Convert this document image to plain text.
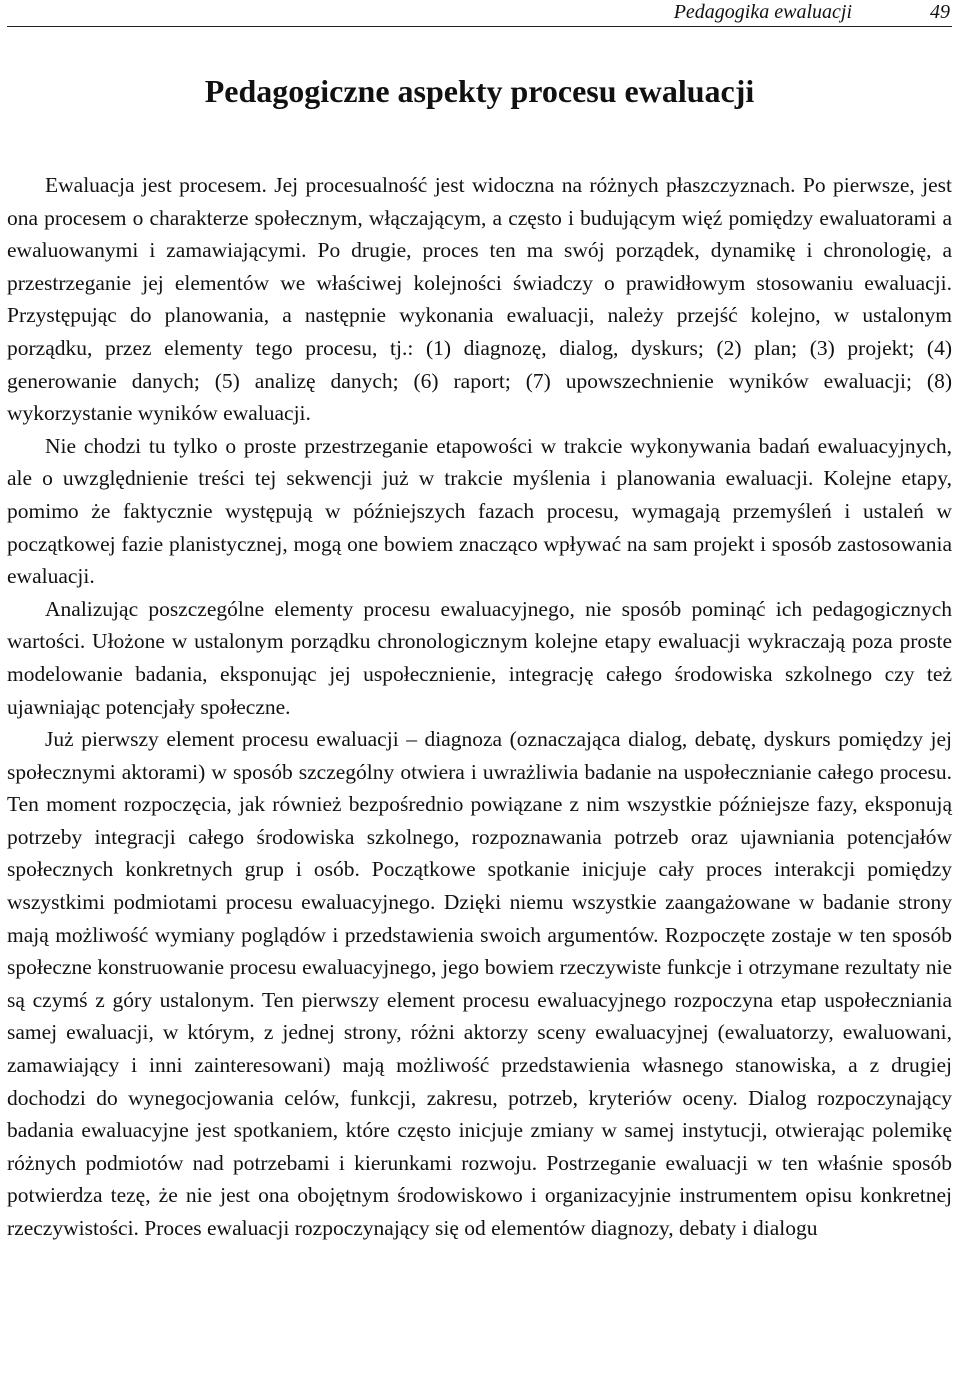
Pedagogika ewaluacji	49
Pedagogiczne aspekty procesu ewaluacji

Ewaluacja jest procesem. Jej procesualność jest widoczna na różnych płaszczyznach. Po pierwsze, jest ona procesem o charakterze społecznym, włączającym, a często i budującym więź pomiędzy ewaluatorami a ewaluowanymi i zamawiającymi. Po drugie, proces ten ma swój porządek, dynamikę i chronologię, a przestrzeganie jej elementów we właściwej kolejności świadczy o prawidłowym stosowaniu ewaluacji. Przystępując do planowania, a następnie wykonania ewaluacji, należy przejść kolejno, w ustalonym porządku, przez elementy tego procesu, tj.: (1) diagnozę, dialog, dyskurs; (2) plan; (3) projekt; (4) generowanie danych; (5) analizę danych; (6) raport; (7) upowszechnienie wyników ewaluacji; (8) wykorzystanie wyników ewaluacji.

Nie chodzi tu tylko o proste przestrzeganie etapowości w trakcie wykonywania badań ewaluacyjnych, ale o uwzględnienie treści tej sekwencji już w trakcie myślenia i planowania ewaluacji. Kolejne etapy, pomimo że faktycznie występują w późniejszych fazach procesu, wymagają przemyśleń i ustaleń w początkowej fazie planistycznej, mogą one bowiem znacząco wpływać na sam projekt i sposób zastosowania ewaluacji.

Analizując poszczególne elementy procesu ewaluacyjnego, nie sposób pominąć ich pedagogicznych wartości. Ułożone w ustalonym porządku chronologicznym kolejne etapy ewaluacji wykraczają poza proste modelowanie badania, eksponując jej uspołecznienie, integrację całego środowiska szkolnego czy też ujawniając potencjały społeczne.

Już pierwszy element procesu ewaluacji – diagnoza (oznaczająca dialog, debatę, dyskurs pomiędzy jej społecznymi aktorami) w sposób szczególny otwiera i uwrażliwia badanie na uspołecznianie całego procesu. Ten moment rozpoczęcia, jak również bezpośrednio powiązane z nim wszystkie późniejsze fazy, eksponują potrzeby integracji całego środowiska szkolnego, rozpoznawania potrzeb oraz ujawniania potencjałów społecznych konkretnych grup i osób. Początkowe spotkanie inicjuje cały proces interakcji pomiędzy wszystkimi podmiotami procesu ewaluacyjnego. Dzięki niemu wszystkie zaangażowane w badanie strony mają możliwość wymiany poglądów i przedstawienia swoich argumentów. Rozpoczęte zostaje w ten sposób społeczne konstruowanie procesu ewaluacyjnego, jego bowiem rzeczywiste funkcje i otrzymane rezultaty nie są czymś z góry ustalonym. Ten pierwszy element procesu ewaluacyjnego rozpoczyna etap uspołeczniania samej ewaluacji, w którym, z jednej strony, różni aktorzy sceny ewaluacyjnej (ewaluatorzy, ewaluowani, zamawiający i inni zainteresowani) mają możliwość przedstawienia własnego stanowiska, a z drugiej dochodzi do wynegocjowania celów, funkcji, zakresu, potrzeb, kryteriów oceny. Dialog rozpoczynający badania ewaluacyjne jest spotkaniem, które często inicjuje zmiany w samej instytucji, otwierając polemikę różnych podmiotów nad potrzebami i kierunkami rozwoju. Postrzeganie ewaluacji w ten właśnie sposób potwierdza tezę, że nie jest ona obojętnym środowiskowo i organizacyjnie instrumentem opisu konkretnej rzeczywistości. Proces ewaluacji rozpoczynający się od elementów diagnozy, debaty i dialogu
